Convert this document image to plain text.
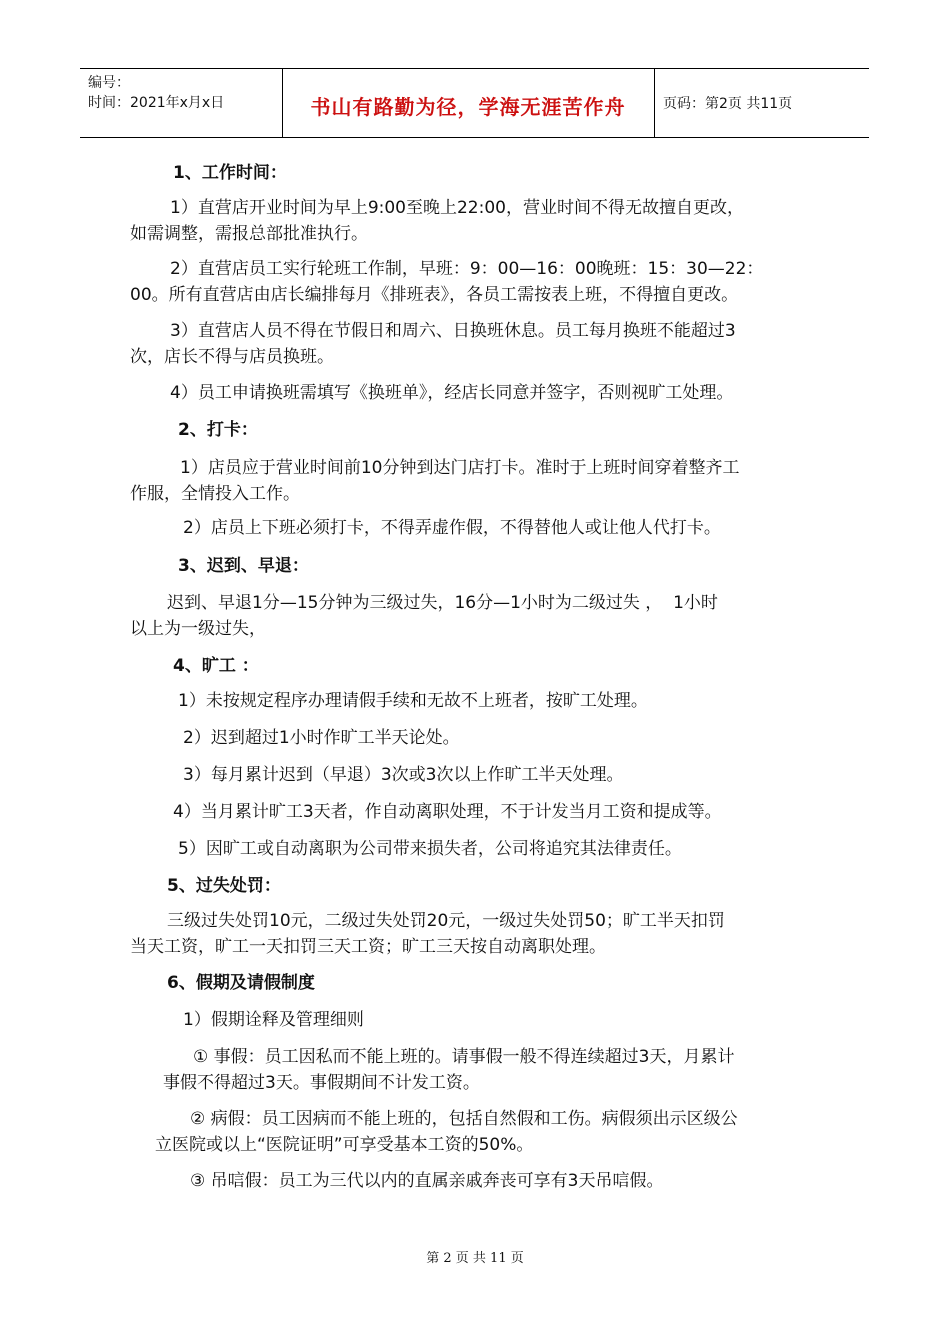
编号：
时间：2021年x月x日	书山有路勤为径，学海无涯苦作舟	页码：第2页 共11页
1、工作时间：
1）直营店开业时间为早上9:00至晚上22:00，营业时间不得无故擅自更改，
如需调整，需报总部批准执行。
2）直营店员工实行轮班工作制，早班：9：00—16：00晚班：15：30—22：
00。所有直营店由店长编排每月《排班表》，各员工需按表上班，不得擅自更改。
3）直营店人员不得在节假日和周六、日换班休息。员工每月换班不能超过3
次，店长不得与店员换班。
4）员工申请换班需填写《换班单》，经店长同意并签字，否则视旷工处理。
2、打卡：
1）店员应于营业时间前10分钟到达门店打卡。准时于上班时间穿着整齐工
作服，全情投入工作。
2）店员上下班必须打卡，不得弄虚作假，不得替他人或让他人代打卡。
3、迟到、早退：
迟到、早退1分—15分钟为三级过失，16分—1小时为二级过失 ，  1小时
以上为一级过失，
4、旷工 ：
1）未按规定程序办理请假手续和无故不上班者，按旷工处理。
2）迟到超过1小时作旷工半天论处。
3）每月累计迟到（早退）3次或3次以上作旷工半天处理。
4）当月累计旷工3天者，作自动离职处理，不于计发当月工资和提成等。
5）因旷工或自动离职为公司带来损失者，公司将追究其法律责任。
5、过失处罚：
三级过失处罚10元，二级过失处罚20元，一级过失处罚50；旷工半天扣罚
当天工资，旷工一天扣罚三天工资；旷工三天按自动离职处理。
6、假期及请假制度
1）假期诠释及管理细则
① 事假：员工因私而不能上班的。请事假一般不得连续超过3天，月累计
事假不得超过3天。事假期间不计发工资。
② 病假：员工因病而不能上班的，包括自然假和工伤。病假须出示区级公
立医院或以上“医院证明”可享受基本工资的50%。
③ 吊唁假：员工为三代以内的直属亲戚奔丧可享有3天吊唁假。
第 2 页 共 11 页
